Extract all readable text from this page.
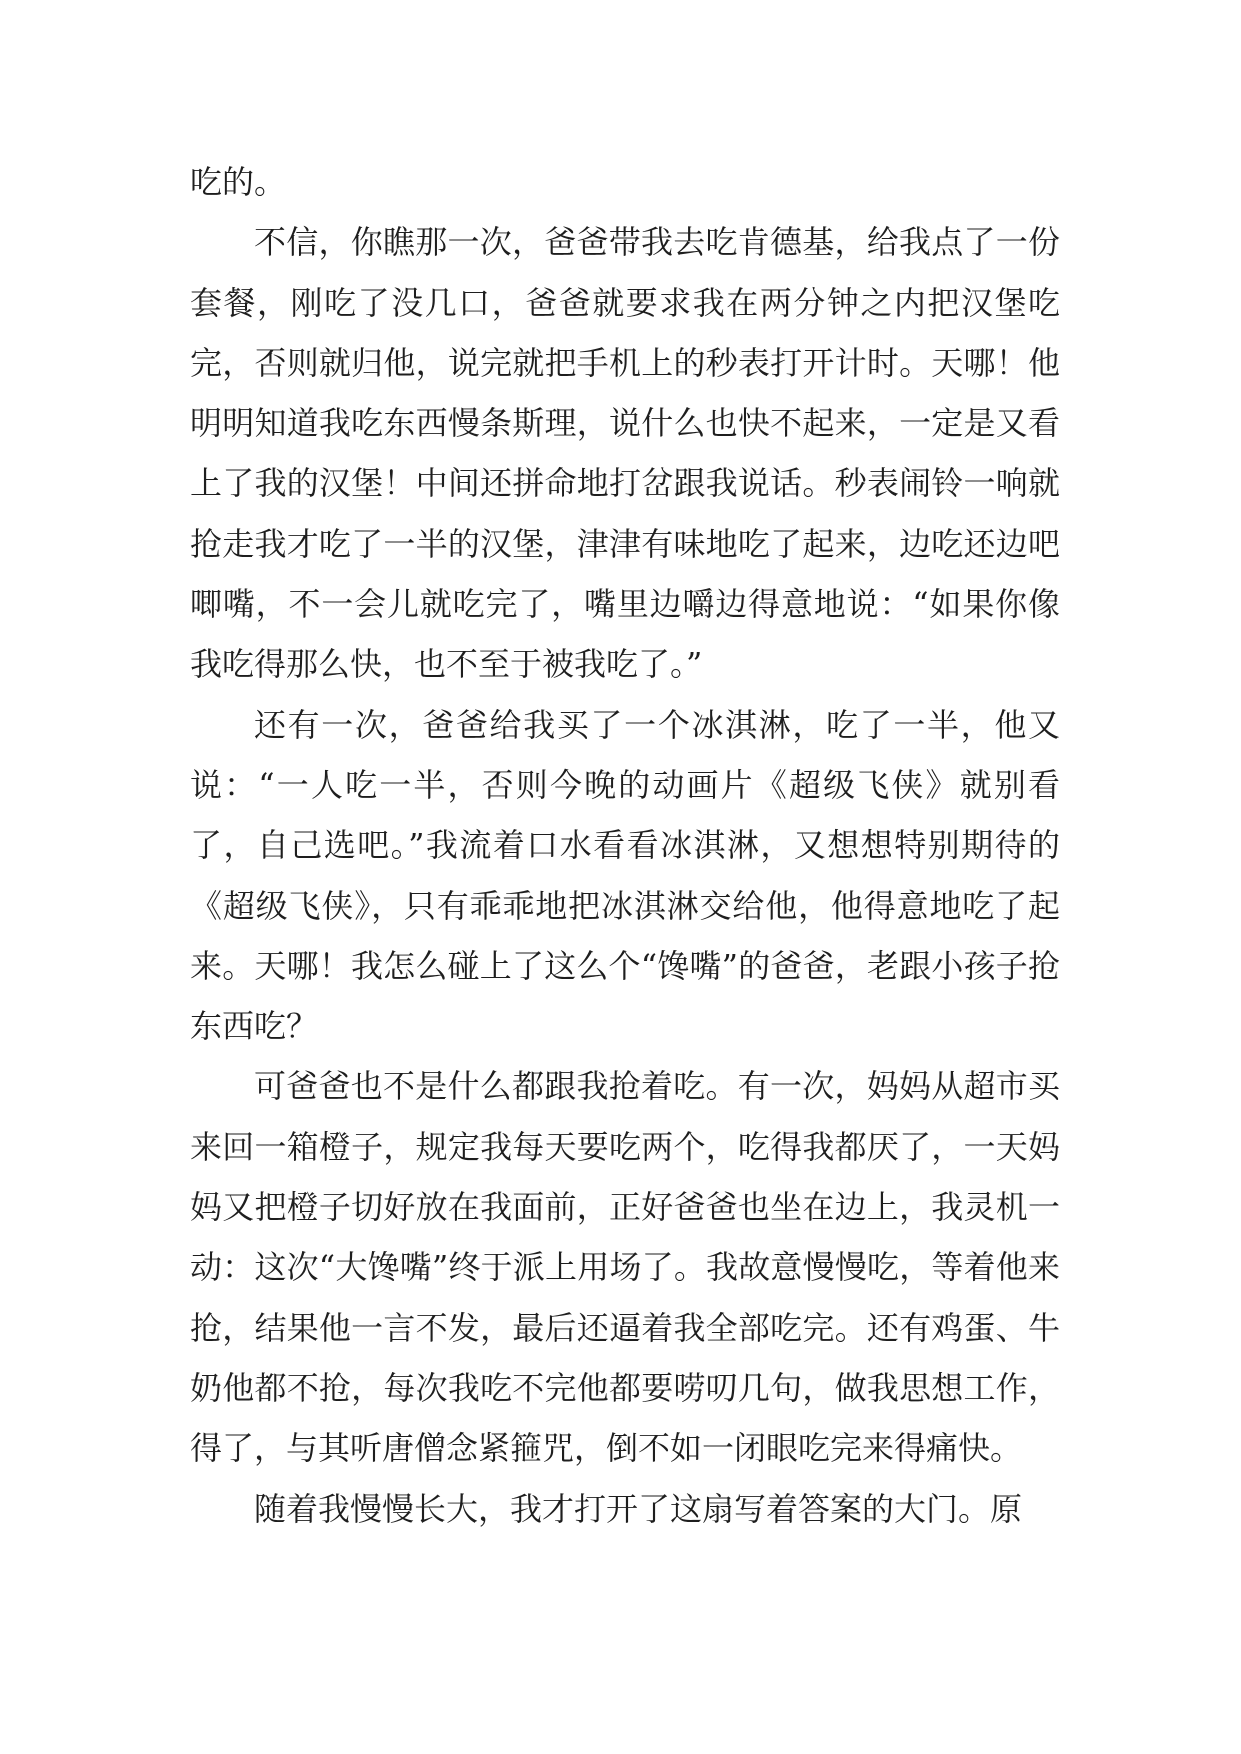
吃的。

不信，你瞧那一次，爸爸带我去吃肯德基，给我点了一份套餐，刚吃了没几口，爸爸就要求我在两分钟之内把汉堡吃完，否则就归他，说完就把手机上的秒表打开计时。天哪！他明明知道我吃东西慢条斯理，说什么也快不起来，一定是又看上了我的汉堡！中间还拼命地打岔跟我说话。秒表闹铃一响就抢走我才吃了一半的汉堡，津津有味地吃了起来，边吃还边吧唧嘴，不一会儿就吃完了，嘴里边嚼边得意地说：“如果你像我吃得那么快，也不至于被我吃了。”

还有一次，爸爸给我买了一个冰淇淋，吃了一半，他又说：“一人吃一半，否则今晚的动画片《超级飞侠》就别看了，自己选吧。”我流着口水看看冰淇淋，又想想特别期待的《超级飞侠》，只有乖乖地把冰淇淋交给他，他得意地吃了起来。天哪！我怎么碰上了这么个“馋嘴”的爸爸，老跟小孩子抢东西吃？

可爸爸也不是什么都跟我抢着吃。有一次，妈妈从超市买来回一箱橙子，规定我每天要吃两个，吃得我都厌了，一天妈妈又把橙子切好放在我面前，正好爸爸也坐在边上，我灵机一动：这次“大馋嘴”终于派上用场了。我故意慢慢吃，等着他来抢，结果他一言不发，最后还逼着我全部吃完。还有鸡蛋、牛奶他都不抢，每次我吃不完他都要唠叨几句，做我思想工作，得了，与其听唐僧念紧箍咒，倒不如一闭眼吃完来得痛快。

随着我慢慢长大，我才打开了这扇写着答案的大门。原
